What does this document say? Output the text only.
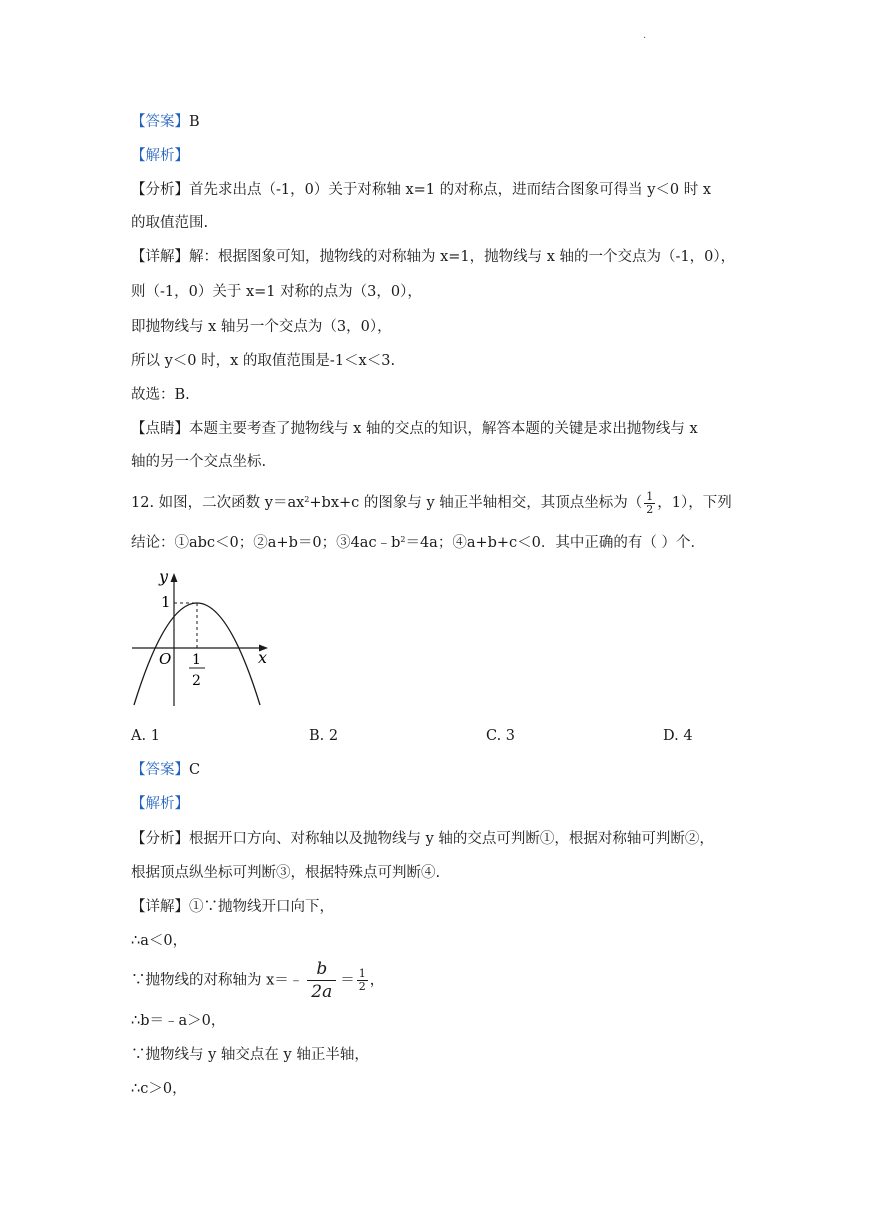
.
【答案】B
【解析】
【分析】首先求出点（-1，0）关于对称轴 x=1 的对称点，进而结合图象可得当 y＜0 时 x
的取值范围.
【详解】解：根据图象可知，抛物线的对称轴为 x=1，抛物线与 x 轴的一个交点为（-1，0），
则（-1，0）关于 x=1 对称的点为（3，0），
即抛物线与 x 轴另一个交点为（3，0），
所以 y＜0 时，x 的取值范围是-1＜x＜3.
故选：B.
【点睛】本题主要考查了抛物线与 x 轴的交点的知识，解答本题的关键是求出抛物线与 x
轴的另一个交点坐标.
12. 如图，二次函数 $y=ax^2+bx+c$ 的图象与 y 轴正半轴相交，其顶点坐标为（ $\frac{1}{2}$ ，1），下列
结论：①abc＜0；②a+b＝0；$③4ac﹣b^2=4a$；④a+b+c＜0．其中正确的有（ ）个．
y
x
O
1
1
2
A. 1	B. 2	C. 3	D. 4
【答案】C
【解析】
【分析】根据开口方向、对称轴以及抛物线与 y 轴的交点可判断①，根据对称轴可判断②，
根据顶点纵坐标可判断③，根据特殊点可判断④.
【详解】①∵抛物线开口向下，
∴a＜0，
∵抛物线的对称轴为 x＝﹣ $\frac{b}{2a} = \frac{1}{2}$ ，
∴b＝﹣a＞0，
∵抛物线与 y 轴交点在 y 轴正半轴，
∴c＞0，
